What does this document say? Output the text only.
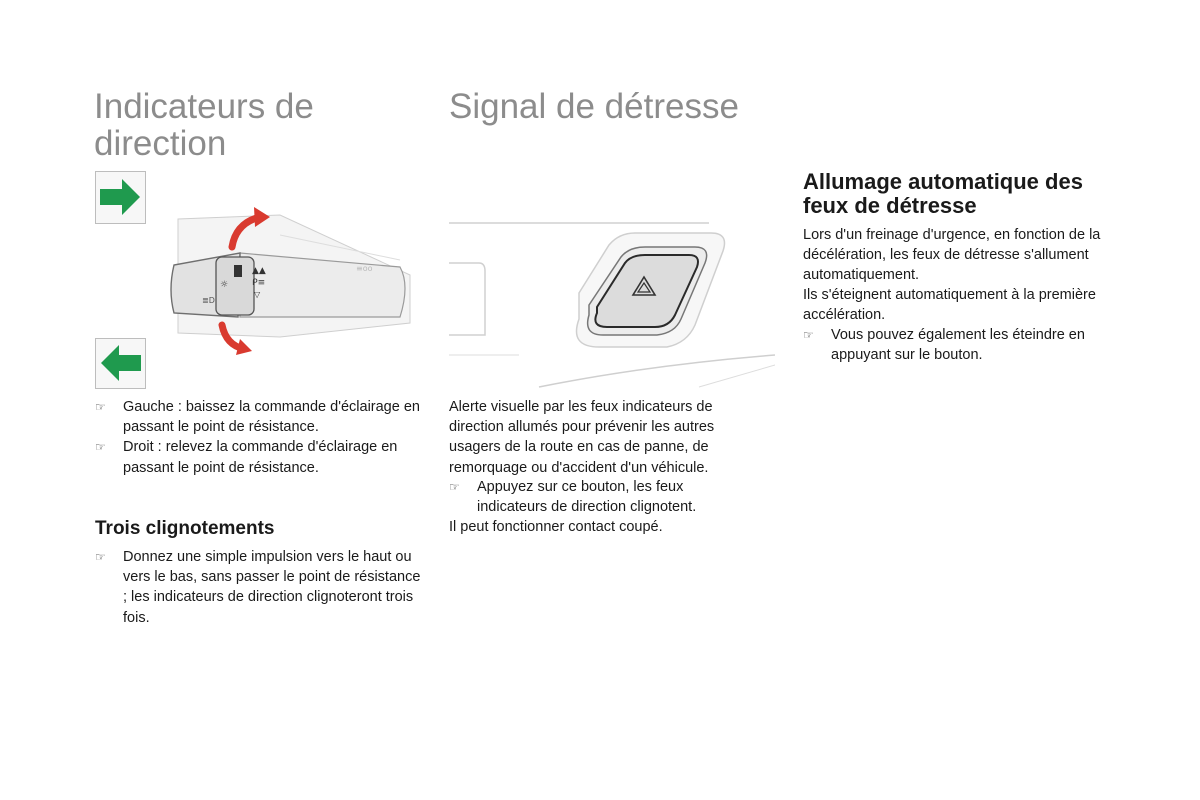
Indicateurs de direction
▲▲
ᑭ≡
▽
☼
≣D
≡oo
☞ Gauche : baissez la commande d'éclairage en passant le point de résistance.
☞ Droit : relevez la commande d'éclairage en passant le point de résistance.
Trois clignotements
☞ Donnez une simple impulsion vers le haut ou vers le bas, sans passer le point de résistance ; les indicateurs de direction clignoteront trois fois.
Signal de détresse

Alerte visuelle par les feux indicateurs de direction allumés pour prévenir les autres usagers de la route en cas de panne, de remorquage ou d'accident d'un véhicule.

☞ Appuyez sur ce bouton, les feux indicateurs de direction clignotent.

Il peut fonctionner contact coupé.

Allumage automatique des feux de détresse

Lors d'un freinage d'urgence, en fonction de la décélération, les feux de détresse s'allument automatiquement.

Ils s'éteignent automatiquement à la première accélération.

☞ Vous pouvez également les éteindre en appuyant sur le bouton.
